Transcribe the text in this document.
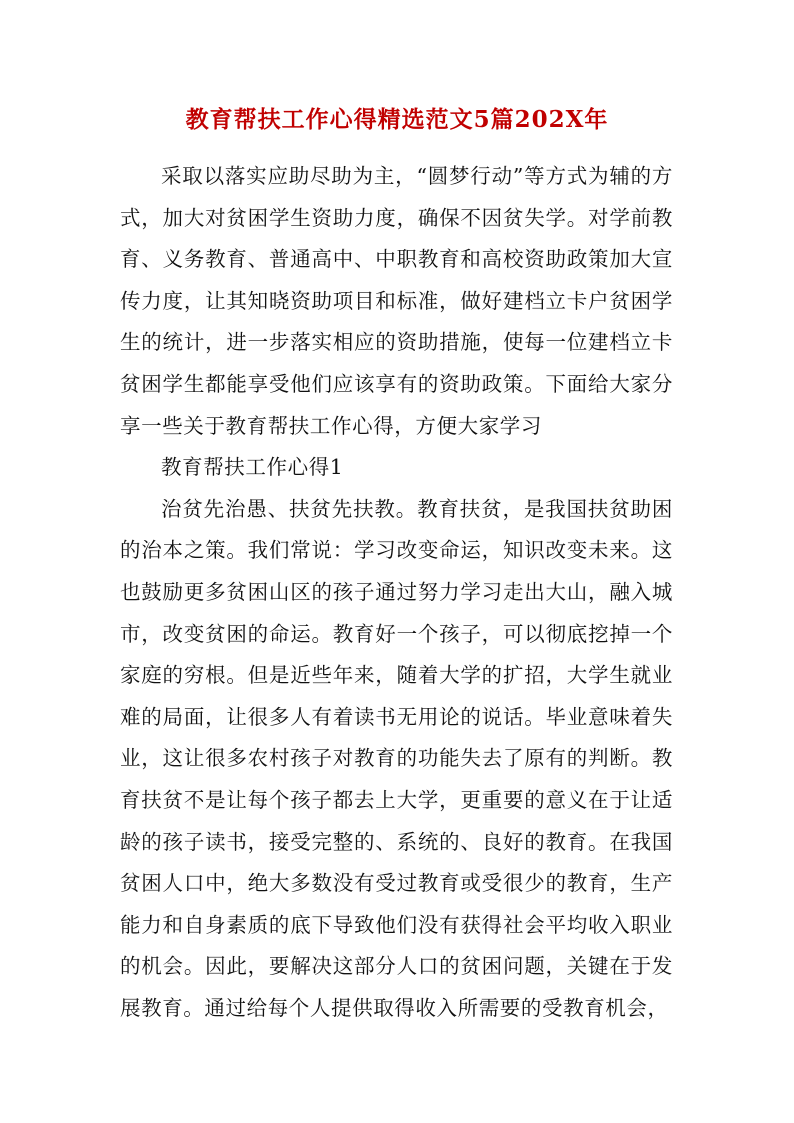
教育帮扶工作心得精选范文5篇202X年

采取以落实应助尽助为主，“圆梦行动”等方式为辅的方式，加大对贫困学生资助力度，确保不因贫失学。对学前教育、义务教育、普通高中、中职教育和高校资助政策加大宣传力度，让其知晓资助项目和标准，做好建档立卡户贫困学生的统计，进一步落实相应的资助措施，使每一位建档立卡贫困学生都能享受他们应该享有的资助政策。下面给大家分享一些关于教育帮扶工作心得，方便大家学习

教育帮扶工作心得1

治贫先治愚、扶贫先扶教。教育扶贫，是我国扶贫助困的治本之策。我们常说：学习改变命运，知识改变未来。这也鼓励更多贫困山区的孩子通过努力学习走出大山，融入城市，改变贫困的命运。教育好一个孩子，可以彻底挖掉一个家庭的穷根。但是近些年来，随着大学的扩招，大学生就业难的局面，让很多人有着读书无用论的说话。毕业意味着失业，这让很多农村孩子对教育的功能失去了原有的判断。教育扶贫不是让每个孩子都去上大学，更重要的意义在于让适龄的孩子读书，接受完整的、系统的、良好的教育。在我国贫困人口中，绝大多数没有受过教育或受很少的教育，生产能力和自身素质的底下导致他们没有获得社会平均收入职业的机会。因此，要解决这部分人口的贫困问题，关键在于发展教育。通过给每个人提供取得收入所需要的受教育机会，
